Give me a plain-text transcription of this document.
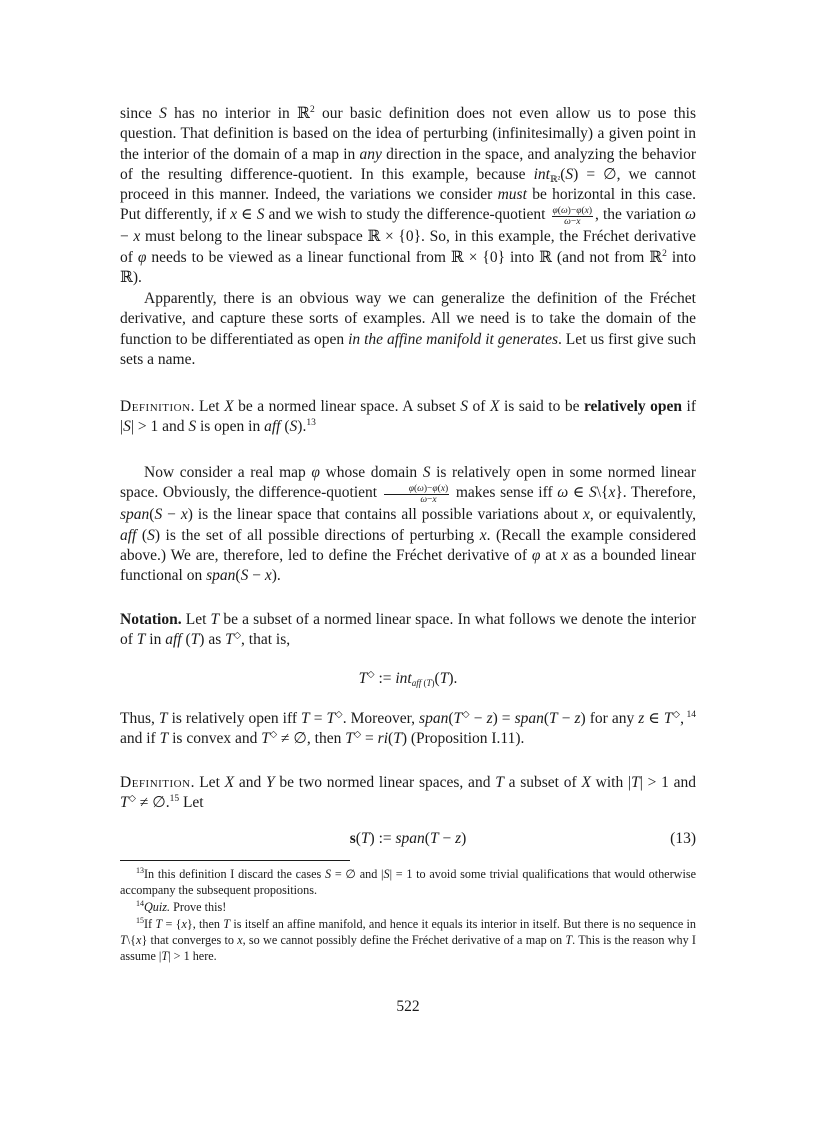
since S has no interior in ℝ$^2$ our basic definition does not even allow us to pose this question. That definition is based on the idea of perturbing (infinitesimally) a given point in the interior of the domain of a map in any direction in the space, and analyzing the behavior of the resulting difference-quotient. In this example, because int$_{ℝ^2}$(S) = ∅, we cannot proceed in this manner. Indeed, the variations we consider must be horizontal in this case. Put differently, if x ∈ S and we wish to study the difference-quotient $\frac{\varphi(\omega)-\varphi(x)}{\omega-x}$ , the variation ω − x must belong to the linear subspace ℝ × {0}. So, in this example, the Fréchet derivative of φ needs to be viewed as a linear functional from ℝ × {0} into ℝ (and not from ℝ$^2$ into ℝ).

Apparently, there is an obvious way we can generalize the definition of the Fréchet derivative, and capture these sorts of examples. All we need is to take the domain of the function to be differentiated as open in the affine manifold it generates. Let us first give such sets a name.

Definition. Let X be a normed linear space. A subset S of X is said to be relatively open if |S| > 1 and S is open in aff (S).$^{13}$

Now consider a real map φ whose domain S is relatively open in some normed linear space. Obviously, the difference-quotient $\frac{\varphi(\omega)-\varphi(x)}{\omega-x}$ makes sense iff ω ∈ S\{x}. Therefore, span(S − x) is the linear space that contains all possible variations about x, or equivalently, aff (S) is the set of all possible directions of perturbing x. (Recall the example considered above.) We are, therefore, led to define the Fréchet derivative of φ at x as a bounded linear functional on span(S − x).

Notation. Let T be a subset of a normed linear space. In what follows we denote the interior of T in aff (T) as T◇, that is,

T◇ := int$_{aff (T)}$(T).

Thus, T is relatively open iff T = T◇. Moreover, span(T◇ − z) = span(T − z) for any z ∈ T◇, $^{14}$ and if T is convex and T◇ ≠ ∅, then T◇ = ri(T) (Proposition I.11).

Definition. Let X and Y be two normed linear spaces, and T a subset of X with |T| > 1 and T◇ ≠ ∅.$^{15}$ Let

s(T) := span(T − z)	(13)

$^{13}$In this definition I discard the cases S = ∅ and |S| = 1 to avoid some trivial qualifications that would otherwise accompany the subsequent propositions.

$^{14}$Quiz. Prove this!

$^{15}$If T = {x}, then T is itself an affine manifold, and hence it equals its interior in itself. But there is no sequence in T\{x} that converges to x, so we cannot possibly define the Fréchet derivative of a map on T. This is the reason why I assume |T| > 1 here.

522
